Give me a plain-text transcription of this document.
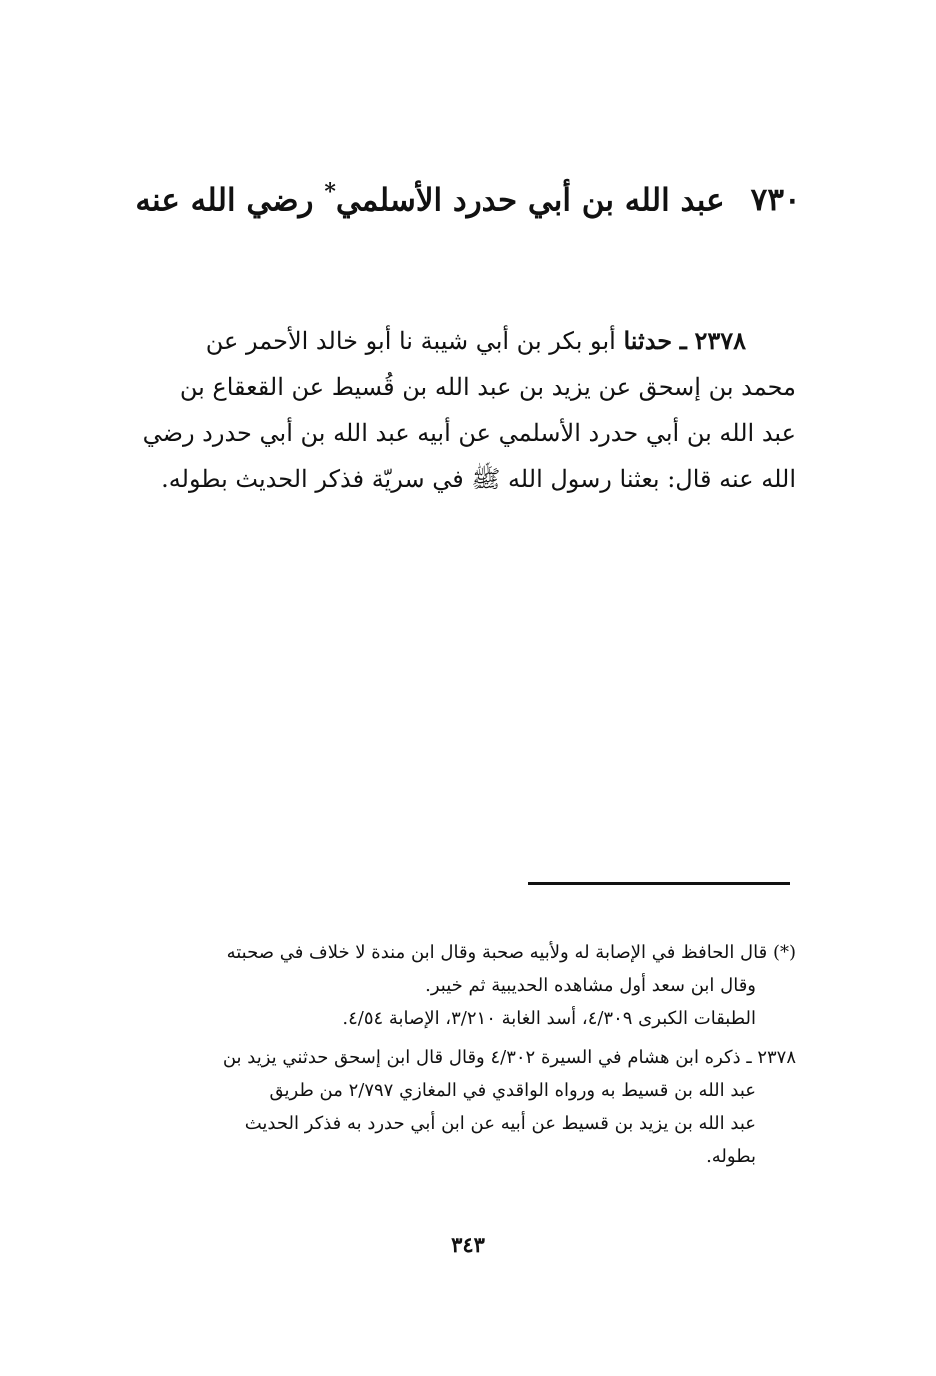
٧٣٠عبد الله بن أبي حدرد الأسلمي* رضي الله عنه
٢٣٧٨ ـ حدثنا أبو بكر بن أبي شيبة نا أبو خالد الأحمر عن
محمد بن إسحق عن يزيد بن عبد الله بن قُسيط عن القعقاع بن
عبد الله بن أبي حدرد الأسلمي عن أبيه عبد الله بن أبي حدرد رضي
الله عنه قال: بعثنا رسول الله ﷺ في سريّة فذكر الحديث بطوله.
(*) قال الحافظ في الإصابة له ولأبيه صحبة وقال ابن مندة لا خلاف في صحبته
وقال ابن سعد أول مشاهده الحديبية ثم خيبر.
الطبقات الكبرى ٤/٣٠٩، أسد الغابة ٣/٢١٠، الإصابة ٤/٥٤.
٢٣٧٨ ـ ذكره ابن هشام في السيرة ٤/٣٠٢ وقال قال ابن إسحق حدثني يزيد بن
عبد الله بن قسيط به ورواه الواقدي في المغازي ٢/٧٩٧ من طريق
عبد الله بن يزيد بن قسيط عن أبيه عن ابن أبي حدرد به فذكر الحديث
بطوله.
٣٤٣
